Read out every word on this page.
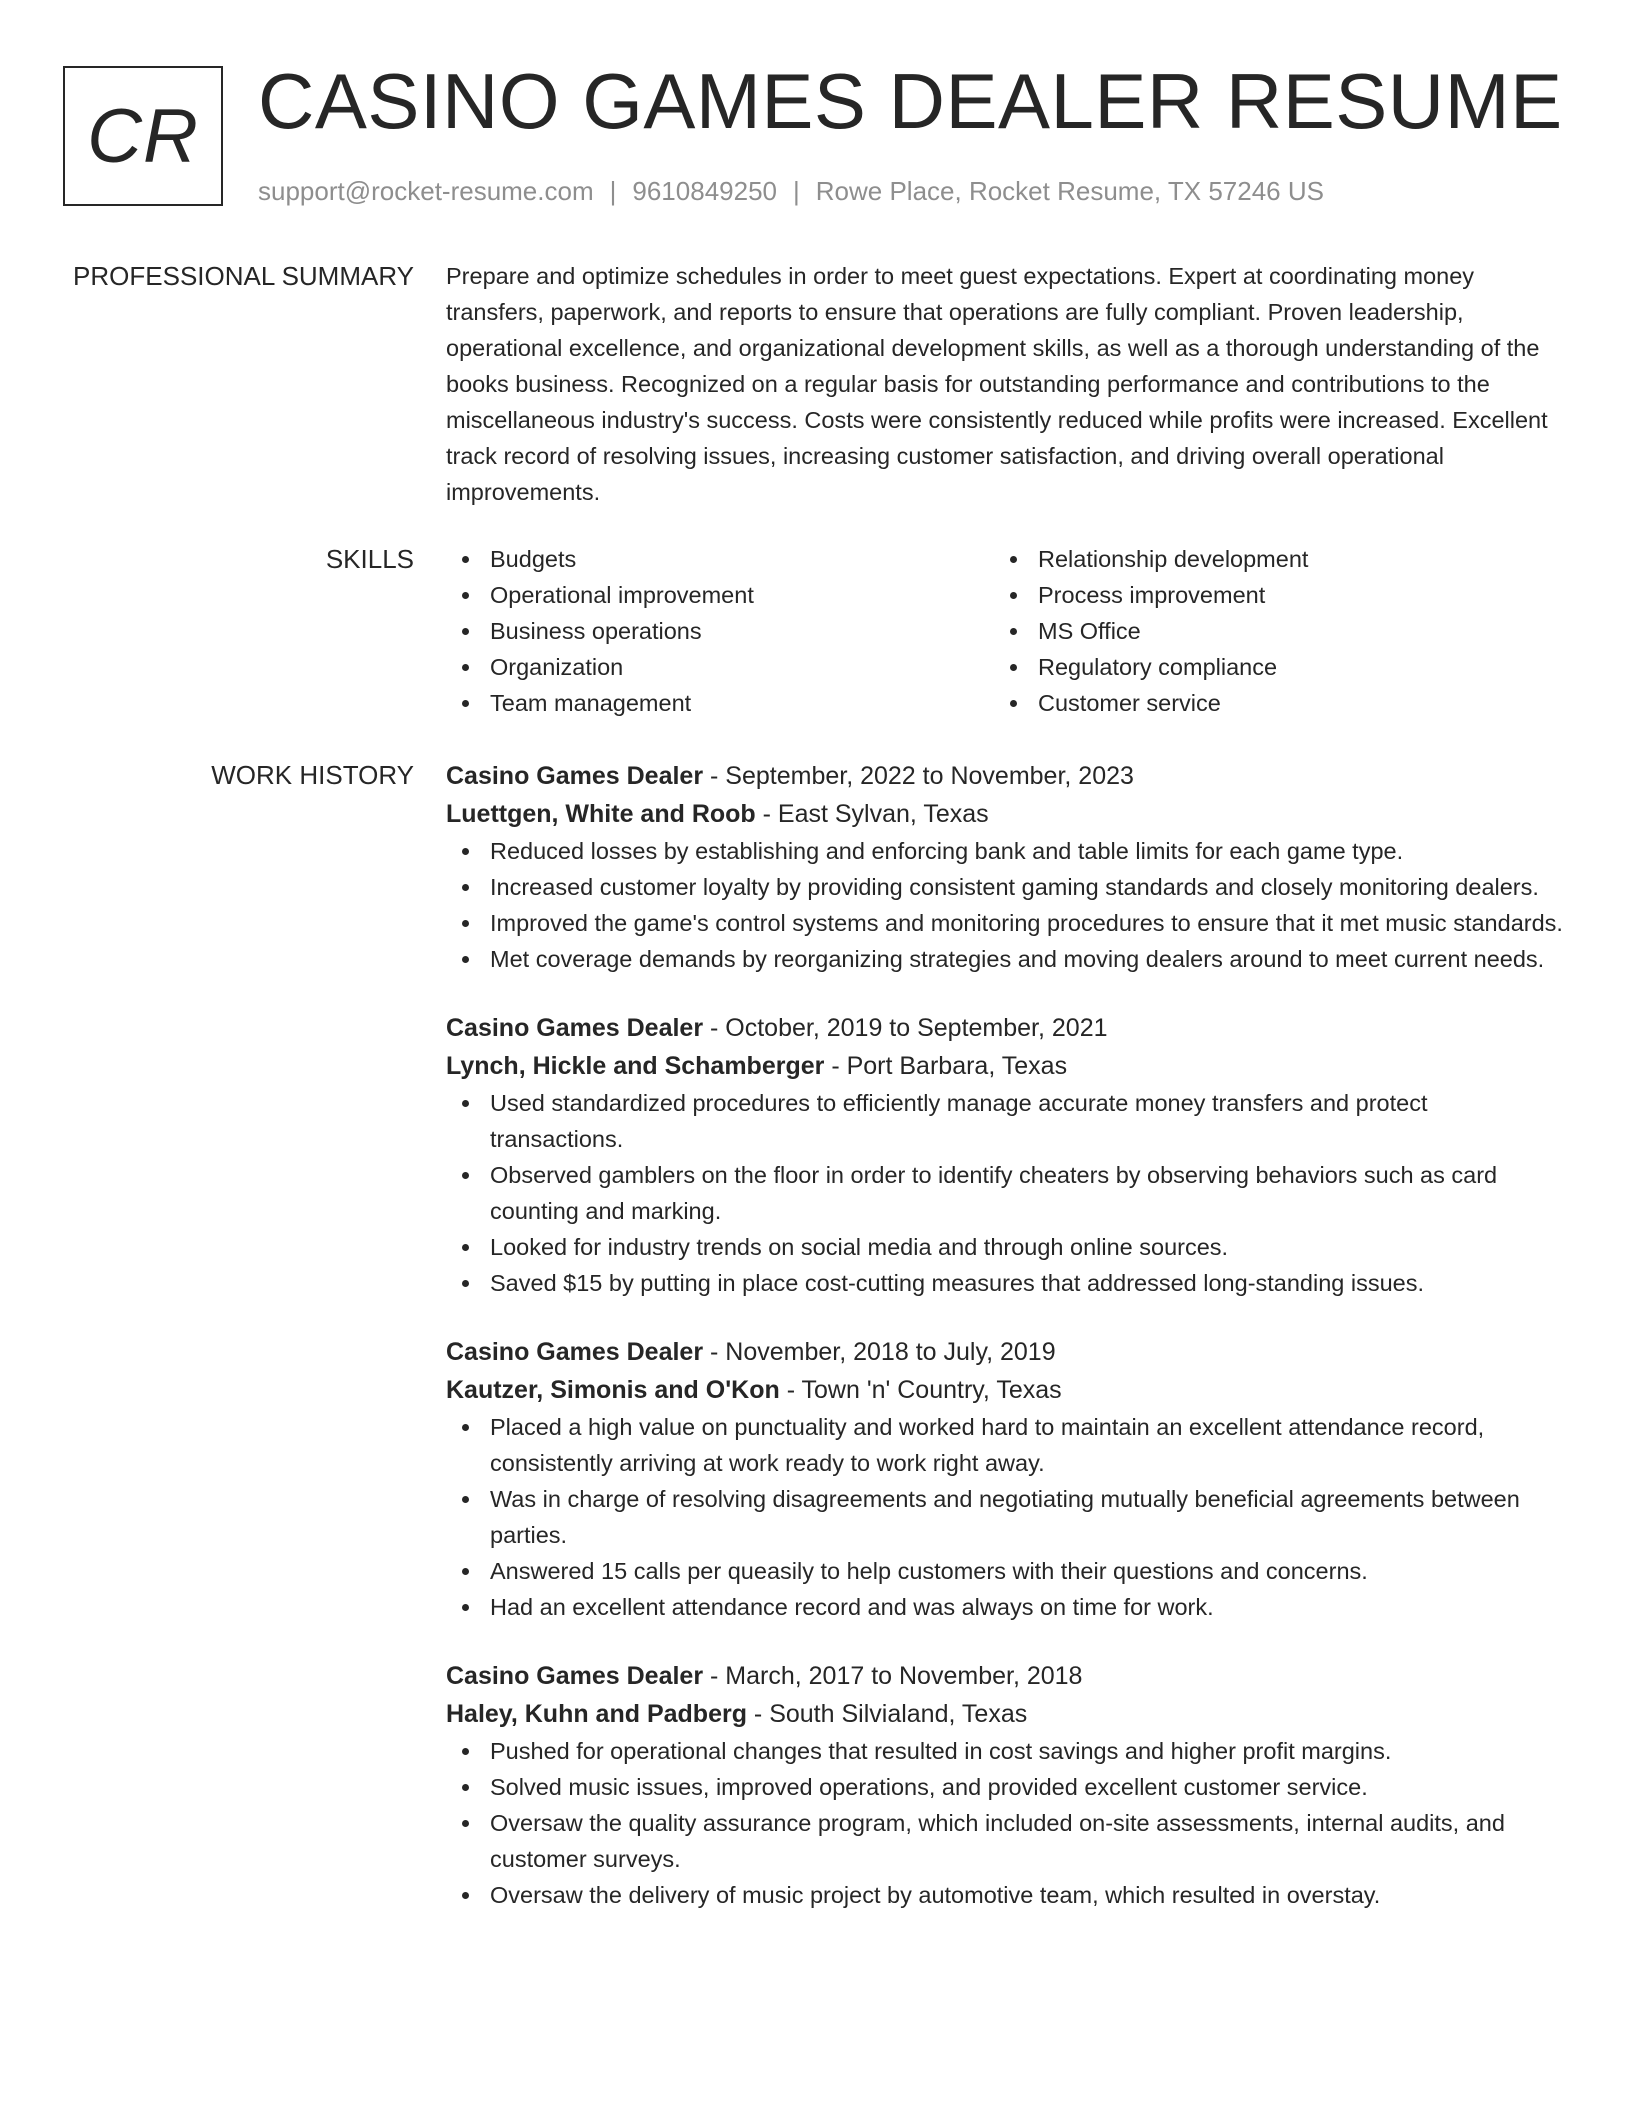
CR CASINO GAMES DEALER RESUME
support@rocket-resume.com | 9610849250 | Rowe Place, Rocket Resume, TX 57246 US
PROFESSIONAL SUMMARY Prepare and optimize schedules in order to meet guest expectations. Expert at coordinating money transfers, paperwork, and reports to ensure that operations are fully compliant. Proven leadership, operational excellence, and organizational development skills, as well as a thorough understanding of the books business. Recognized on a regular basis for outstanding performance and contributions to the miscellaneous industry's success. Costs were consistently reduced while profits were increased. Excellent track record of resolving issues, increasing customer satisfaction, and driving overall operational improvements.

SKILLS	Budgets
Operational improvement
Business operations
Organization
Team management
Relationship development
Process improvement
MS Office
Regulatory compliance
Customer service
WORK HISTORY Casino Games Dealer - September, 2022 to November, 2023
Luettgen, White and Roob - East Sylvan, Texas
Reduced losses by establishing and enforcing bank and table limits for each game type.
Increased customer loyalty by providing consistent gaming standards and closely monitoring dealers.
Improved the game's control systems and monitoring procedures to ensure that it met music standards.
Met coverage demands by reorganizing strategies and moving dealers around to meet current needs.
Casino Games Dealer - October, 2019 to September, 2021
Lynch, Hickle and Schamberger - Port Barbara, Texas
Used standardized procedures to efficiently manage accurate money transfers and protect transactions.
Observed gamblers on the floor in order to identify cheaters by observing behaviors such as card counting and marking.
Looked for industry trends on social media and through online sources.
Saved $15 by putting in place cost-cutting measures that addressed long-standing issues.
Casino Games Dealer - November, 2018 to July, 2019
Kautzer, Simonis and O'Kon - Town 'n' Country, Texas
Placed a high value on punctuality and worked hard to maintain an excellent attendance record, consistently arriving at work ready to work right away.
Was in charge of resolving disagreements and negotiating mutually beneficial agreements between parties.
Answered 15 calls per queasily to help customers with their questions and concerns.
Had an excellent attendance record and was always on time for work.
Casino Games Dealer - March, 2017 to November, 2018
Haley, Kuhn and Padberg - South Silvialand, Texas
Pushed for operational changes that resulted in cost savings and higher profit margins.
Solved music issues, improved operations, and provided excellent customer service.
Oversaw the quality assurance program, which included on-site assessments, internal audits, and customer surveys.
Oversaw the delivery of music project by automotive team, which resulted in overstay.
